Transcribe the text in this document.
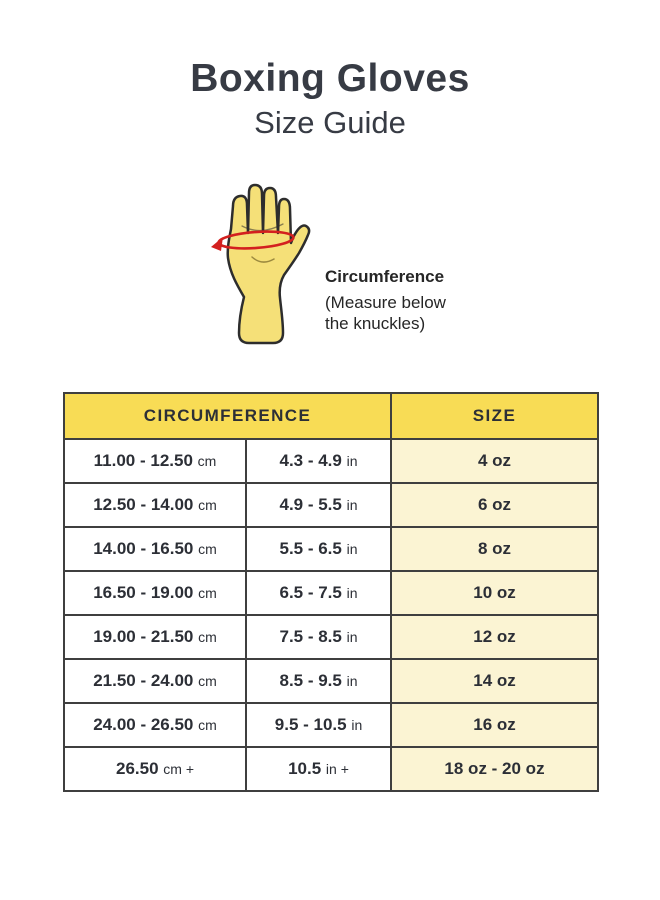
Boxing Gloves
Size Guide
Circumference
(Measure below
the knuckles)
CIRCUMFERENCE		SIZE
11.00 - 12.50 cm	4.3 - 4.9 in	4 oz
12.50 - 14.00 cm	4.9 - 5.5 in	6 oz
14.00 - 16.50 cm	5.5 - 6.5 in	8 oz
16.50 - 19.00 cm	6.5 - 7.5 in	10 oz
19.00 - 21.50 cm	7.5 - 8.5 in	12 oz
21.50 - 24.00 cm	8.5 - 9.5 in	14 oz
24.00 - 26.50 cm	9.5 - 10.5 in	16 oz
26.50 cm +	10.5 in +	18 oz - 20 oz
